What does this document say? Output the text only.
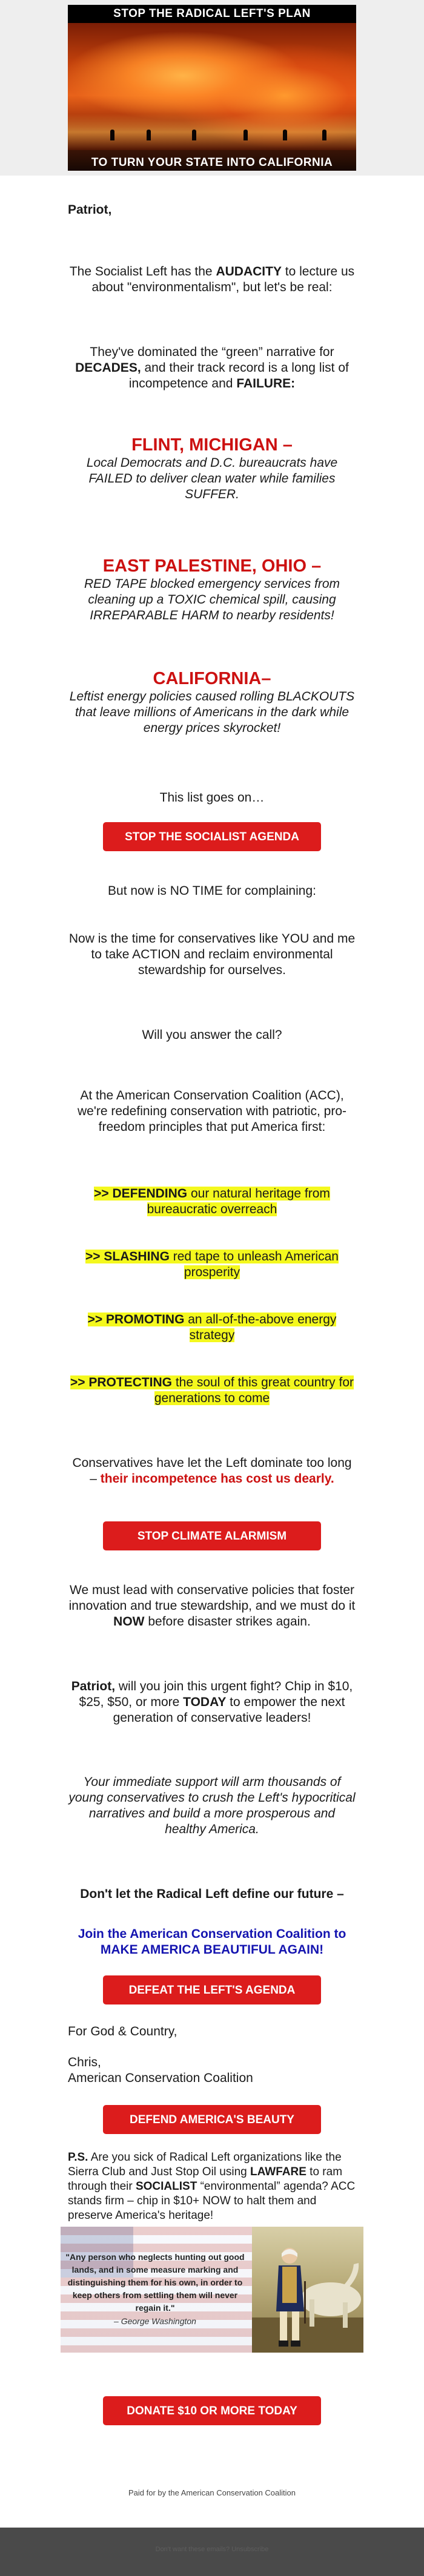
STOP THE RADICAL LEFT'S PLAN
TO TURN YOUR STATE INTO CALIFORNIA
Patriot,
The Socialist Left has the AUDACITY to lecture us about "environmentalism", but let's be real:
They've dominated the “green” narrative for DECADES, and their track record is a long list of incompetence and FAILURE:
FLINT, MICHIGAN –
Local Democrats and D.C. bureaucrats have FAILED to deliver clean water while families SUFFER.
EAST PALESTINE, OHIO –
RED TAPE blocked emergency services from cleaning up a TOXIC chemical spill, causing IRREPARABLE HARM to nearby residents!
CALIFORNIA–
Leftist energy policies caused rolling BLACKOUTS that leave millions of Americans in the dark while energy prices skyrocket!
This list goes on…
STOP THE SOCIALIST AGENDA
But now is NO TIME for complaining:
Now is the time for conservatives like YOU and me to take ACTION and reclaim environmental stewardship for ourselves.
Will you answer the call?
At the American Conservation Coalition (ACC), we're redefining conservation with patriotic, pro-freedom principles that put America first:
>> DEFENDING our natural heritage from bureaucratic overreach
>> SLASHING red tape to unleash American prosperity
>> PROMOTING an all-of-the-above energy strategy
>> PROTECTING the soul of this great country for generations to come
Conservatives have let the Left dominate too long – their incompetence has cost us dearly.
STOP CLIMATE ALARMISM
We must lead with conservative policies that foster innovation and true stewardship, and we must do it NOW before disaster strikes again.
Patriot, will you join this urgent fight? Chip in $10, $25, $50, or more TODAY to empower the next generation of conservative leaders!
Your immediate support will arm thousands of young conservatives to crush the Left's hypocritical narratives and build a more prosperous and healthy America.
Don't let the Radical Left define our future –
Join the American Conservation Coalition to MAKE AMERICA BEAUTIFUL AGAIN!
DEFEAT THE LEFT'S AGENDA
For God & Country,
Chris,
American Conservation Coalition
DEFEND AMERICA'S BEAUTY
P.S. Are you sick of Radical Left organizations like the Sierra Club and Just Stop Oil using LAWFARE to ram through their SOCIALIST “environmental” agenda? ACC stands firm – chip in $10+ NOW to halt them and preserve America's heritage!
"Any person who neglects hunting out good lands, and in some measure marking and distinguishing them for his own, in order to keep others from settling them will never regain it."
– George Washington
DONATE $10 OR MORE TODAY
Paid for by the American Conservation Coalition
Don't want these emails? Unsubscribe
